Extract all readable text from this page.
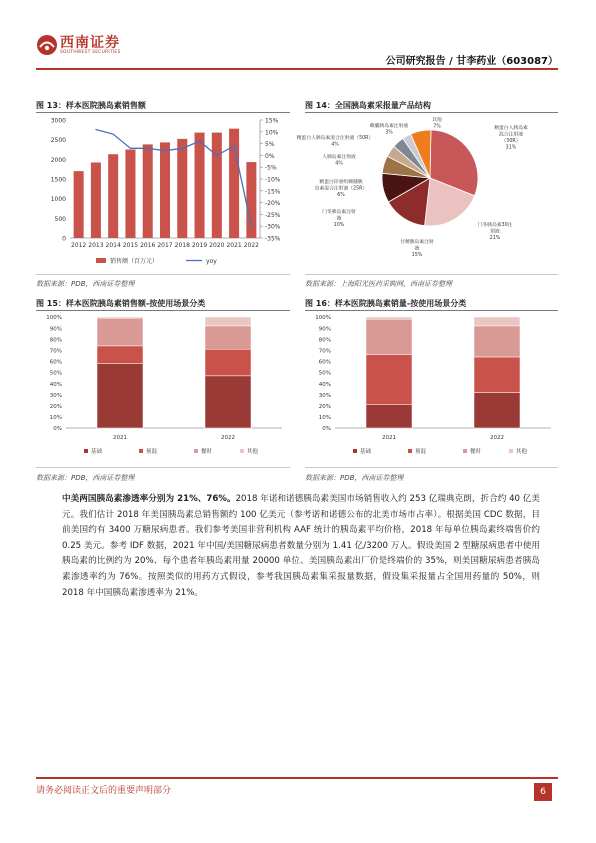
西南证券
SOUTHWEST SECURITIES
公司研究报告 / 甘李药业（603087）
图 13：样本医院胰岛素销售额
0
500
1000
1500
2000
2500
3000	15%
10%
5%
0%
-5%
-10%
-15%
-20%
-25%
-30%
-35%
2012 2013 2014 2015 2016 2017 2018 2019 2020 2021 2022
销售额（百万元）	yoy
数据来源：PDB，西南证券整理
图 14：全国胰岛素采报量产品结构
精蛋白人胰岛素
混合注射液
（30R）
31%
门冬胰岛素30注
射液
21%
甘精胰岛素注射
液
15%
门冬胰岛素注射
液
10%
精蛋白锌重组赖脯胰
岛素混合注射液（25R）
6%
人胰岛素注射液
4%
精蛋白人胰岛素混合注射液（50R）
4%
赖脯胰岛素注射液
3%
其他
7%
数据来源：上海阳光医药采购网，西南证券整理
图 15：样本医院胰岛素销售额-按使用场景分类
100%
90%
80%
70%
60%
50%
40%
30%
20%
10%
0%
2021	2022
基础	预混	餐时	其他
数据来源：PDB，西南证券整理
图 16：样本医院胰岛素销量-按使用场景分类
100%
90%
80%
70%
60%
50%
40%
30%
20%
10%
0%
2021	2022
基础	预混	餐时	其他
数据来源：PDB，西南证券整理
中美两国胰岛素渗透率分别为 21%、76%。2018 年诺和诺德胰岛素美国市场销售收入约 253 亿瑞典克朗，折合约 40 亿美元。我们估计 2018 年美国胰岛素总销售额约 100 亿美元（参考诺和诺德公布的北美市场市占率）。根据美国 CDC 数据，目前美国约有 3400 万糖尿病患者。我们参考美国非营利机构 AAF 统计的胰岛素平均价格，2018 年每单位胰岛素终端售价约 0.25 美元。参考 IDF 数据，2021 年中国/美国糖尿病患者数量分别为 1.41 亿/3200 万人。假设美国 2 型糖尿病患者中使用胰岛素的比例约为 20%、每个患者年胰岛素用量 20000 单位、美国胰岛素出厂价是终端价的 35%，则美国糖尿病患者胰岛素渗透率约为 76%。按照类似的用药方式假设，参考我国胰岛素集采报量数据，假设集采报量占全国用药量的 50%，则 2018 年中国胰岛素渗透率为 21%。
请务必阅读正文后的重要声明部分	6
